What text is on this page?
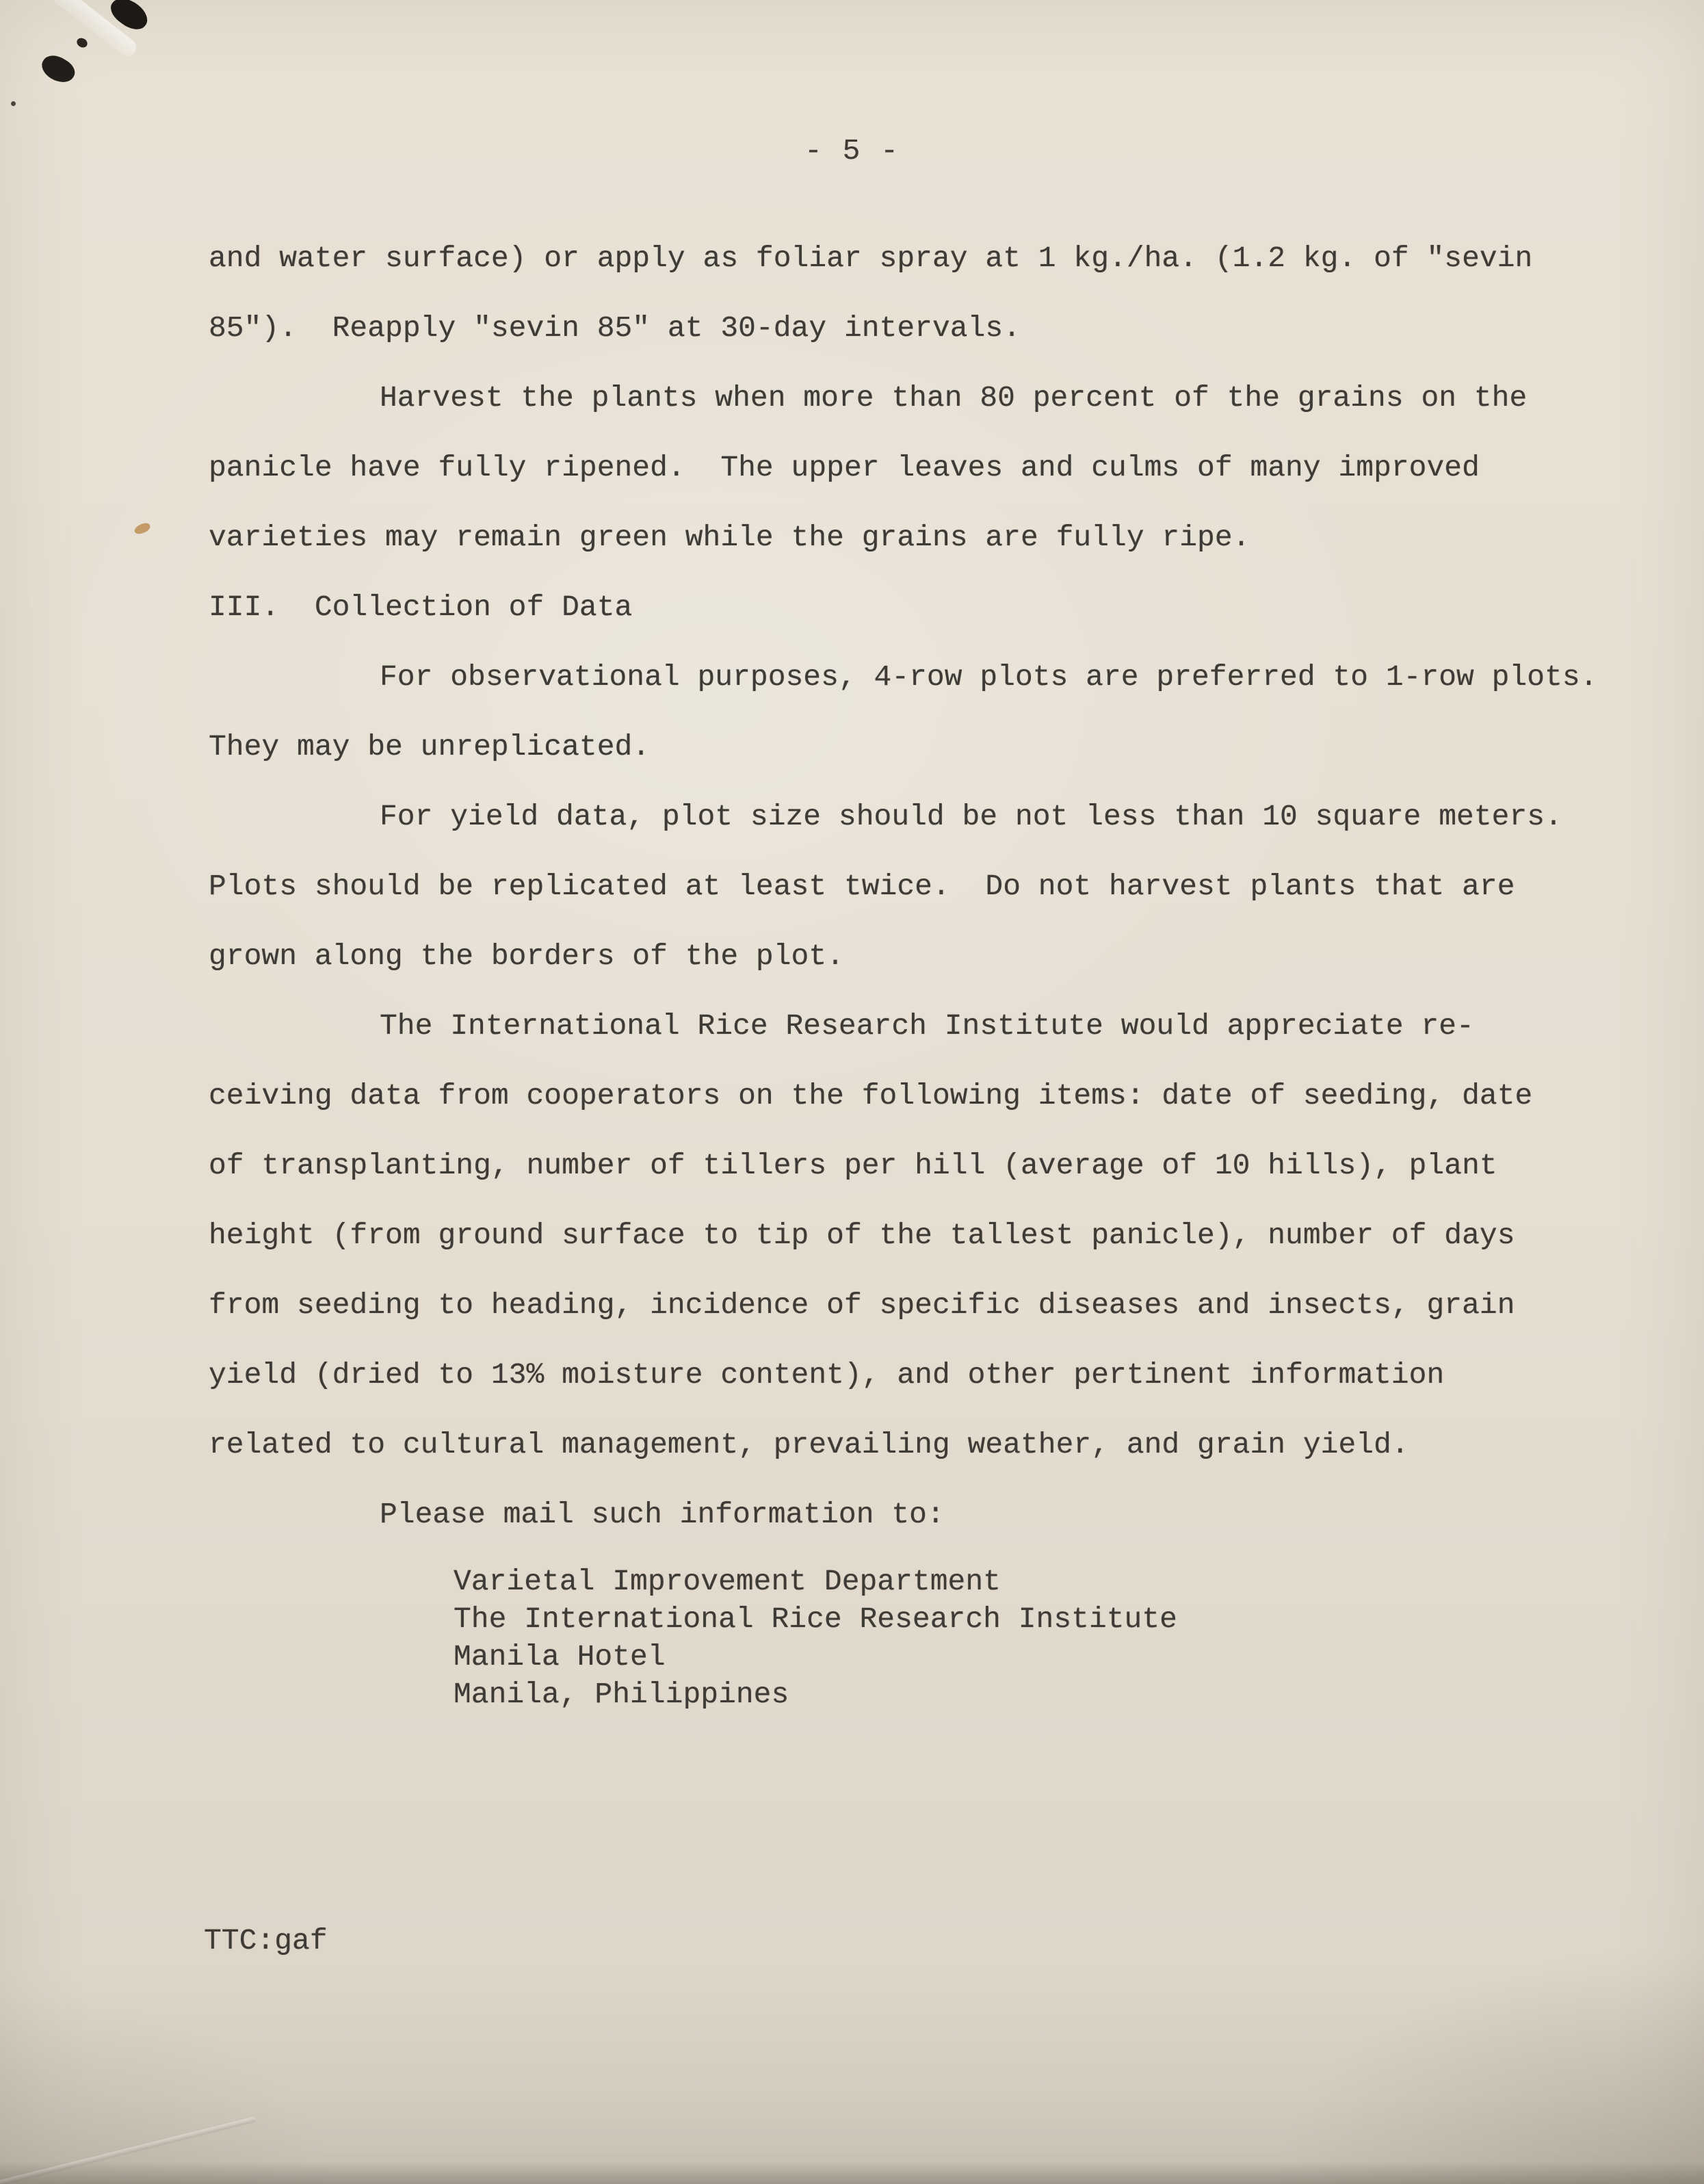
- 5 -
and water surface) or apply as foliar spray at 1 kg./ha. (1.2 kg. of "sevin
85").  Reapply "sevin 85" at 30-day intervals.
Harvest the plants when more than 80 percent of the grains on the
panicle have fully ripened.  The upper leaves and culms of many improved
varieties may remain green while the grains are fully ripe.
III.  Collection of Data
For observational purposes, 4-row plots are preferred to 1-row plots.
They may be unreplicated.
For yield data, plot size should be not less than 10 square meters.
Plots should be replicated at least twice.  Do not harvest plants that are
grown along the borders of the plot.
The International Rice Research Institute would appreciate re-
ceiving data from cooperators on the following items: date of seeding, date
of transplanting, number of tillers per hill (average of 10 hills), plant
height (from ground surface to tip of the tallest panicle), number of days
from seeding to heading, incidence of specific diseases and insects, grain
yield (dried to 13% moisture content), and other pertinent information
related to cultural management, prevailing weather, and grain yield.
Please mail such information to:
Varietal Improvement Department
The International Rice Research Institute
Manila Hotel
Manila, Philippines
TTC:gaf
